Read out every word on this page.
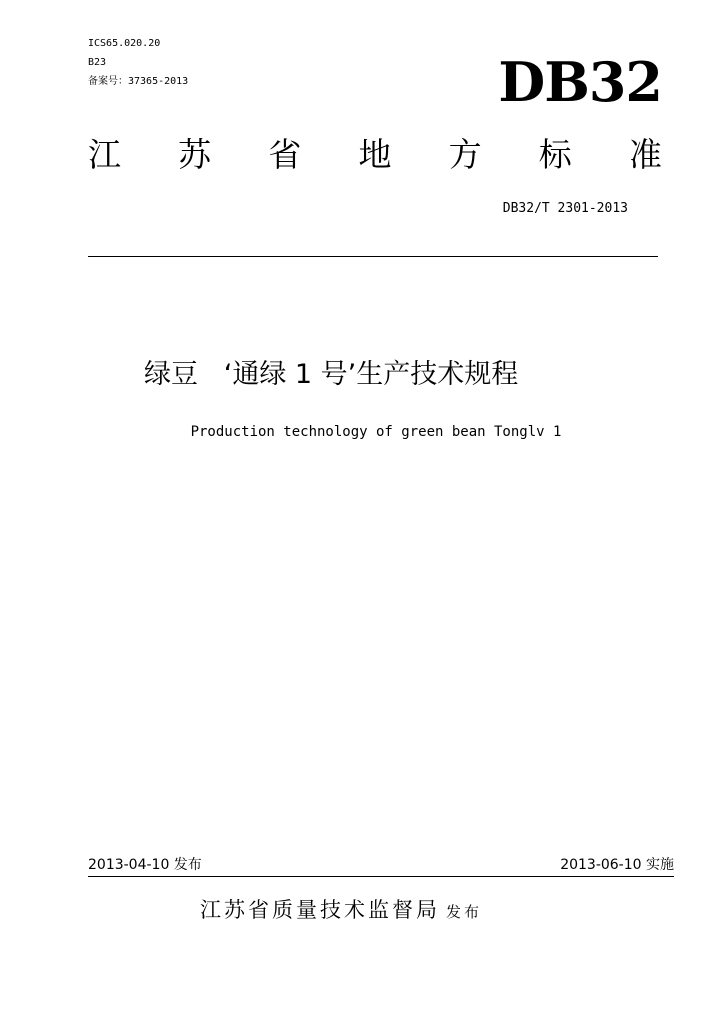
ICS65.020.20
B23
备案号：37365-2013	DB32
江 苏 省 地 方 标 准
DB32/T 2301-2013
绿豆   ‘通绿 1 号’生产技术规程
Production technology of green bean Tonglv 1
2013-04-10 发布	2013-06-10 实施
江苏省质量技术监督局 发布
